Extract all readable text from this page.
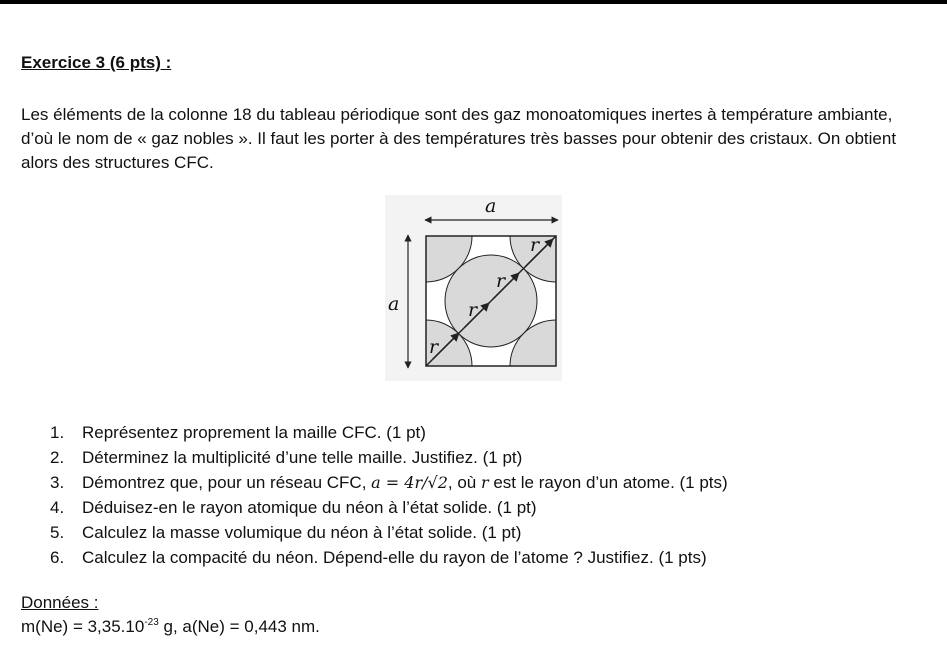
Exercice 3 (6 pts) :

Les éléments de la colonne 18 du tableau périodique sont des gaz monoatomiques inertes à température ambiante, d’où le nom de « gaz nobles ». Il faut les porter à des températures très basses pour obtenir des cristaux. On obtient alors des structures CFC.

a
a
r
r
r
r
1. Représentez proprement la maille CFC. (1 pt)
2. Déterminez la multiplicité d’une telle maille. Justifiez. (1 pt)
3. Démontrez que, pour un réseau CFC, a = 4r/√2, où r est le rayon d’un atome. (1 pts)
4. Déduisez-en le rayon atomique du néon à l’état solide. (1 pt)
5. Calculez la masse volumique du néon à l’état solide. (1 pt)
6. Calculez la compacité du néon. Dépend-elle du rayon de l’atome ? Justifiez. (1 pts)

Données :

$m(Ne) = 3,35.10^{-23}$ g, a(Ne) = 0,443 nm.
